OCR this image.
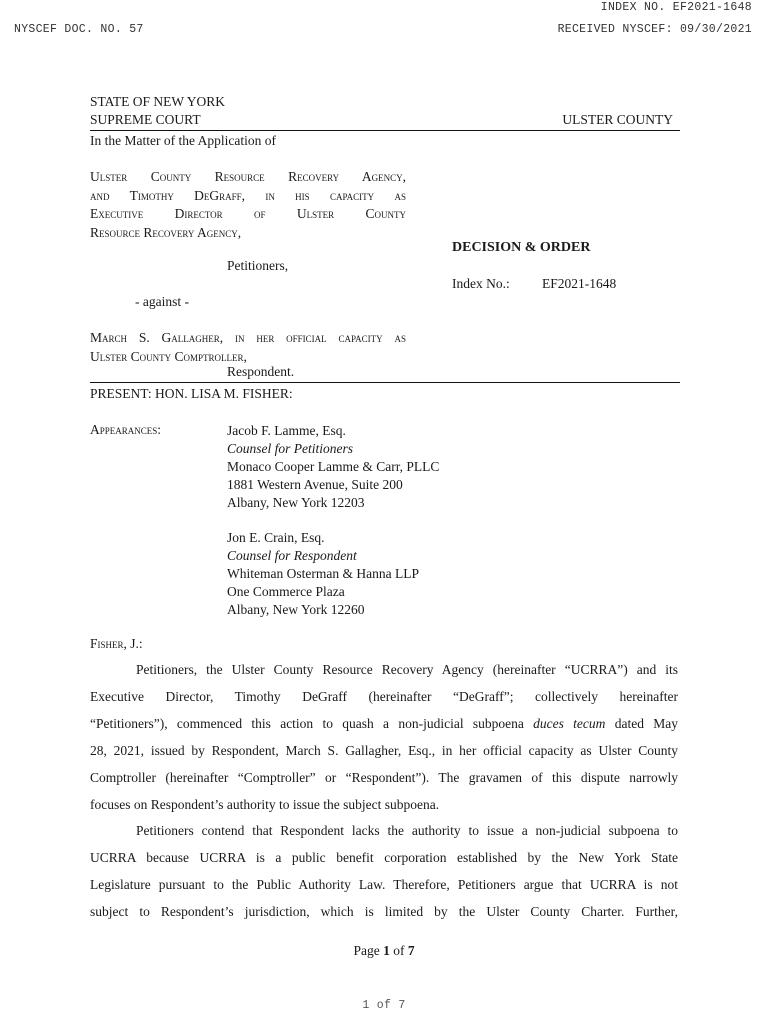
INDEX NO. EF2021-1648
NYSCEF DOC. NO. 57	RECEIVED NYSCEF: 09/30/2021
STATE OF NEW YORK
SUPREME COURT	ULSTER COUNTY
In the Matter of the Application of
Ulster County Resource Recovery Agency,
and Timothy DeGraff, in his capacity as
Executive Director of Ulster County
Resource Recovery Agency,
Petitioners,
- against -
March S. Gallagher, in her official capacity as
Ulster County Comptroller,
Respondent.
DECISION & ORDER
Index No.: EF2021-1648
PRESENT: HON. LISA M. FISHER:
Appearances:	Jacob F. Lamme, Esq.
Counsel for Petitioners
Monaco Cooper Lamme & Carr, PLLC
1881 Western Avenue, Suite 200
Albany, New York 12203
Jon E. Crain, Esq.
Counsel for Respondent
Whiteman Osterman & Hanna LLP
One Commerce Plaza
Albany, New York 12260
Fisher, J.:
Petitioners, the Ulster County Resource Recovery Agency (hereinafter “UCRRA”) and its
Executive Director, Timothy DeGraff (hereinafter “DeGraff”; collectively hereinafter
“Petitioners”), commenced this action to quash a non-judicial subpoena duces tecum dated May
28, 2021, issued by Respondent, March S. Gallagher, Esq., in her official capacity as Ulster County
Comptroller (hereinafter “Comptroller” or “Respondent”). The gravamen of this dispute narrowly
focuses on Respondent’s authority to issue the subject subpoena.
Petitioners contend that Respondent lacks the authority to issue a non-judicial subpoena to
UCRRA because UCRRA is a public benefit corporation established by the New York State
Legislature pursuant to the Public Authority Law. Therefore, Petitioners argue that UCRRA is not
subject to Respondent’s jurisdiction, which is limited by the Ulster County Charter. Further,
Page 1 of 7
1 of 7
